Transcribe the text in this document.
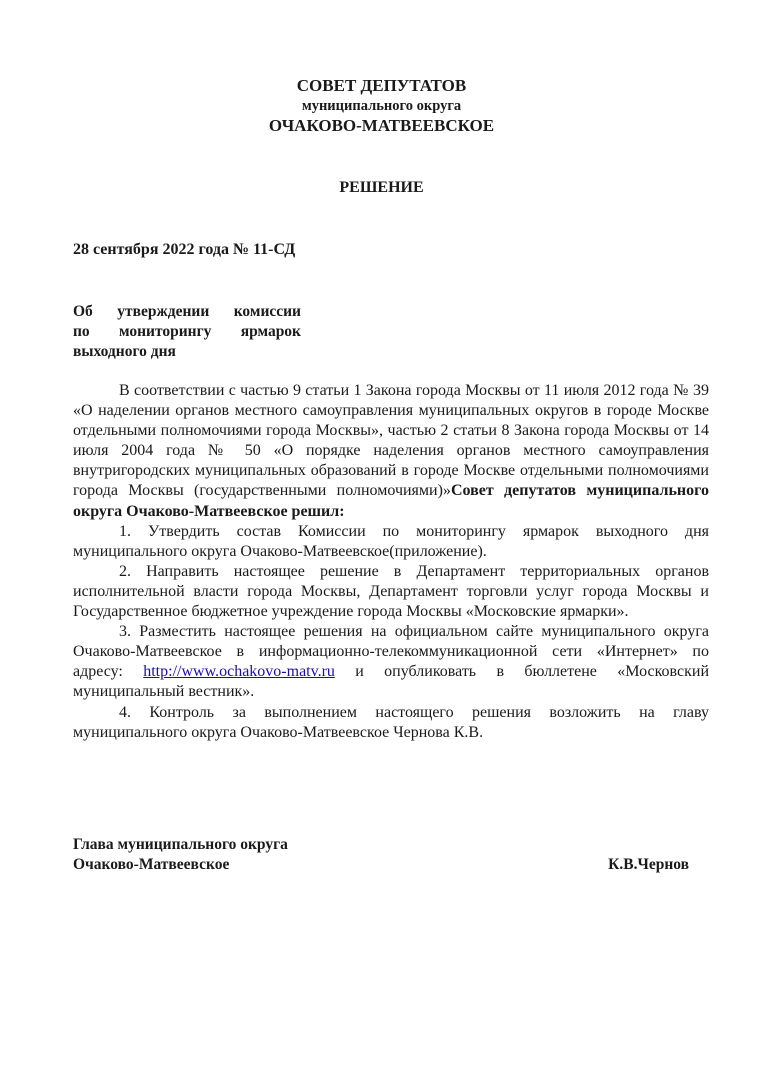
СОВЕТ ДЕПУТАТОВ
муниципального округа
ОЧАКОВО-МАТВЕЕВСКОЕ
РЕШЕНИЕ
28 сентября 2022 года № 11-СД
Об утверждении комиссии
по мониторингу ярмарок
выходного дня

В соответствии с частью 9 статьи 1 Закона города Москвы от 11 июля 2012 года № 39 «О наделении органов местного самоуправления муниципальных округов в городе Москве отдельными полномочиями города Москвы», частью 2 статьи 8 Закона города Москвы от 14 июля 2004 года № 50 «О порядке наделения органов местного самоуправления внутригородских муниципальных образований в городе Москве отдельными полномочиями города Москвы (государственными полномочиями)»Совет депутатов муниципального округа Очаково-Матвеевское решил:

1. Утвердить состав Комиссии по мониторингу ярмарок выходного дня муниципального округа Очаково-Матвеевское(приложение).

2. Направить настоящее решение в Департамент территориальных органов исполнительной власти города Москвы, Департамент торговли услуг города Москвы и Государственное бюджетное учреждение города Москвы «Московские ярмарки».

3. Разместить настоящее решения на официальном сайте муниципального округа Очаково-Матвеевское в информационно-телекоммуникационной сети «Интернет» по адресу: http://www.ochakovo-matv.ru и опубликовать в бюллетене «Московский муниципальный вестник».

4. Контроль за выполнением настоящего решения возложить на главу муниципального округа Очаково-Матвеевское Чернова К.В.

Глава муниципального округа
Очаково-Матвеевское	К.В.Чернов
